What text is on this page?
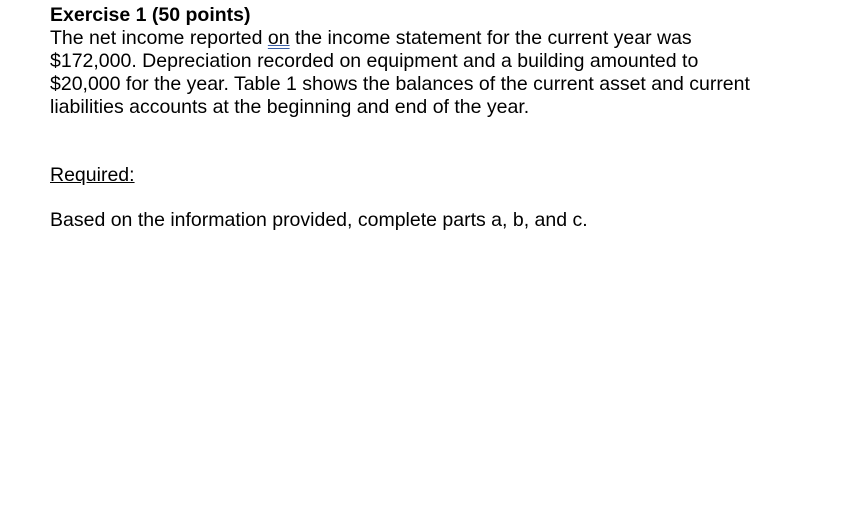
Exercise 1 (50 points)

The net income reported on the income statement for the current year was
$172,000. Depreciation recorded on equipment and a building amounted to
$20,000 for the year. Table 1 shows the balances of the current asset and current
liabilities accounts at the beginning and end of the year.

Required:

Based on the information provided, complete parts a, b, and c.
